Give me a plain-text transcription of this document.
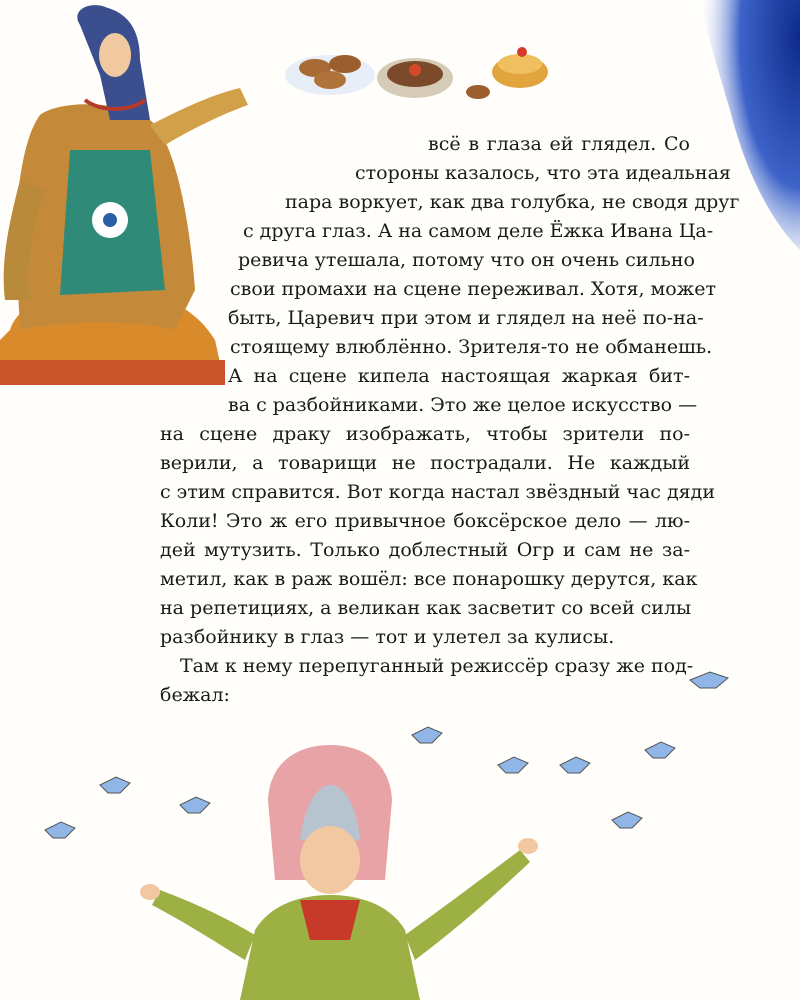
всё в глаза ей глядел. Со
стороны казалось, что эта идеальная
пара воркует, как два голубка, не сводя друг
с друга глаз. А на самом деле Ёжка Ивана Ца-
ревича утешала, потому что он очень сильно
свои промахи на сцене переживал. Хотя, может
быть, Царевич при этом и глядел на неё по-на-
стоящему влюблённо. Зрителя-то не обманешь.
А на сцене кипела настоящая жаркая бит-
ва с разбойниками. Это же целое искусство —
на сцене драку изображать, чтобы зрители по-
верили, а товарищи не пострадали. Не каждый
с этим справится. Вот когда настал звёздный час дяди
Коли! Это ж его привычное боксёрское дело — лю-
дей мутузить. Только доблестный Огр и сам не за-
метил, как в раж вошёл: все понарошку дерутся, как
на репетициях, а великан как засветит со всей силы
разбойнику в глаз — тот и улетел за кулисы.
Там к нему перепуганный режиссёр сразу же под-
бежал:
